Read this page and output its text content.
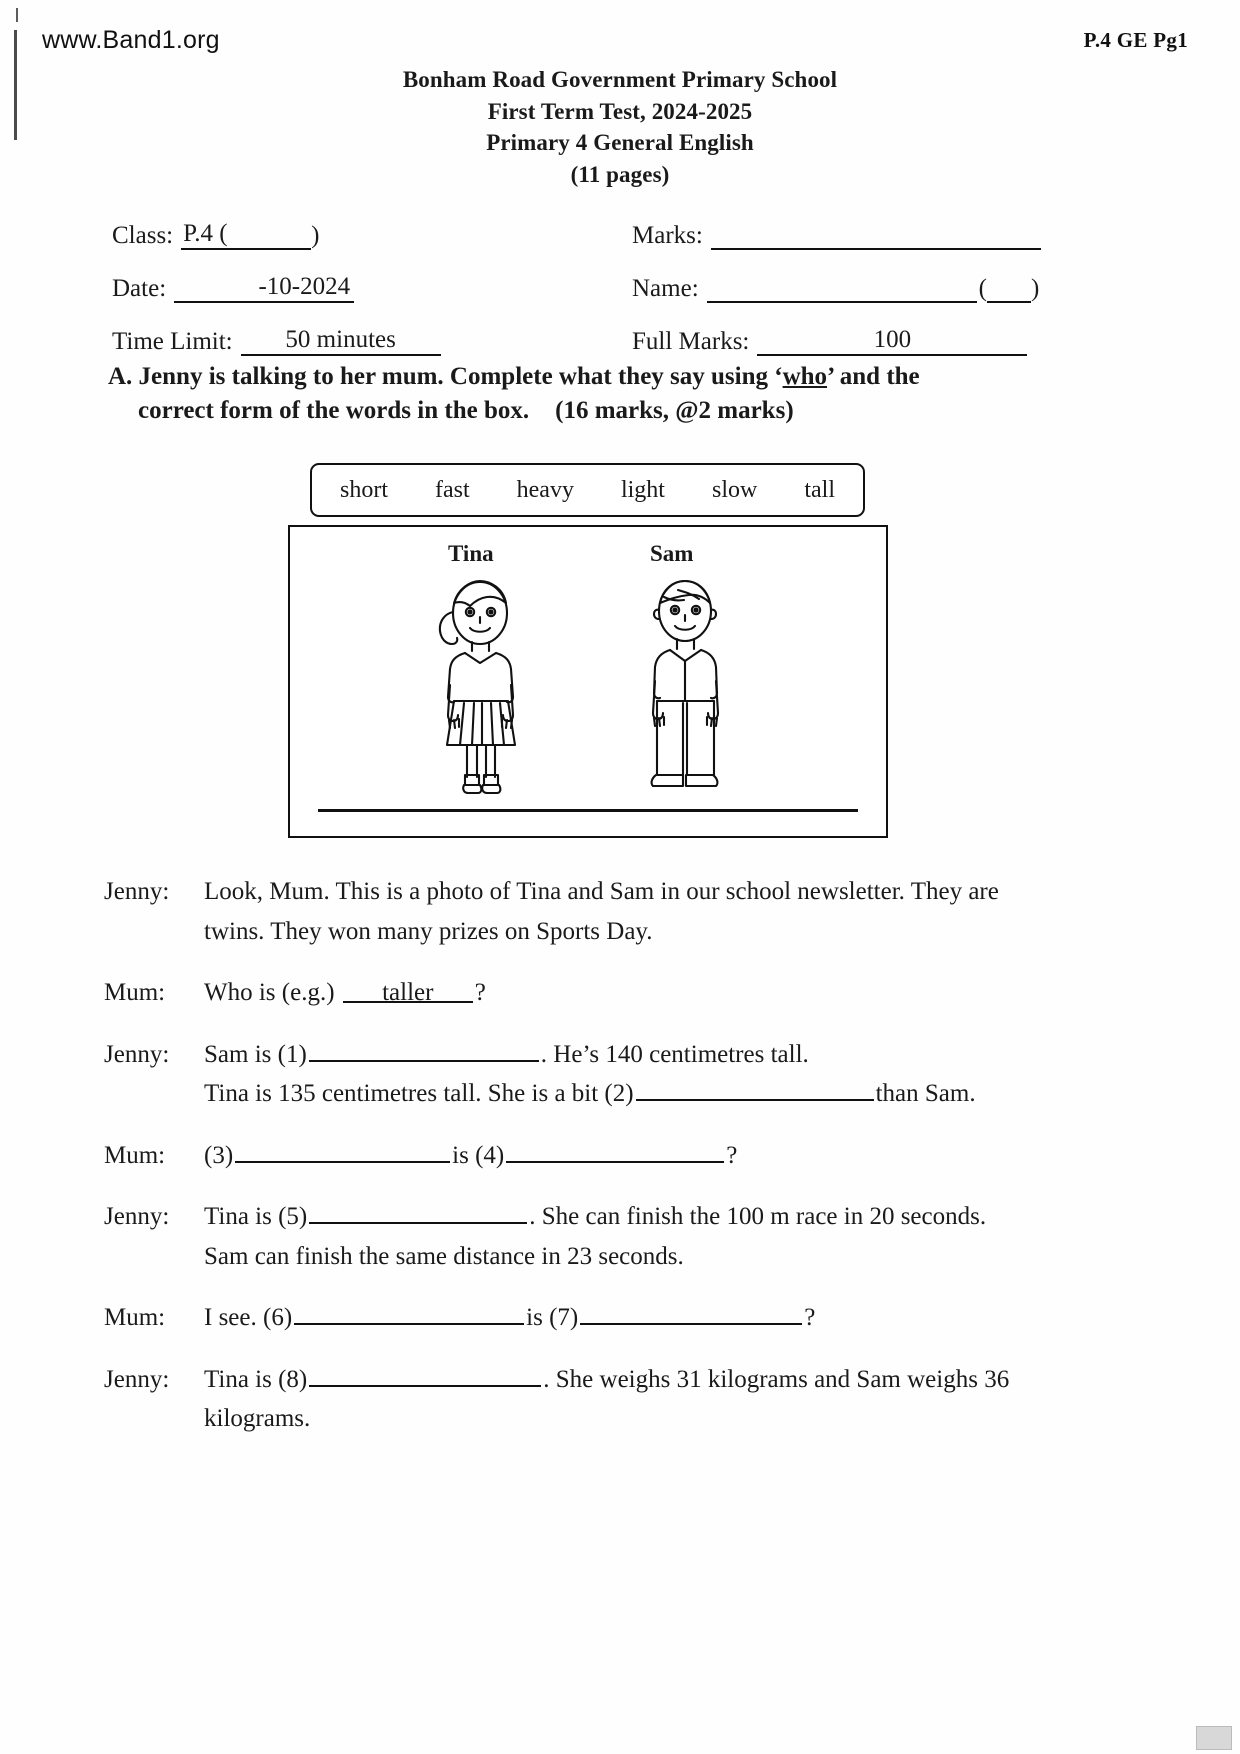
www.Band1.org	P.4 GE Pg1
Bonham Road Government Primary School
First Term Test, 2024-2025
Primary 4 General English
(11 pages)
Class: P.4 (	)	Marks:
Date:	-10-2024	Name:	( )
Time Limit:	50 minutes	Full Marks:	100
A. Jenny is talking to her mum. Complete what they say using ‘who’ and the
correct form of the words in the box. (16 marks, @2 marks)
short fast heavy light slow tall
Tina	Sam
Jenny:	Look, Mum. This is a photo of Tina and Sam in our school newsletter. They are
twins. They won many prizes on Sports Day.
Mum:	Who is (e.g.) taller ?
Jenny:	Sam is (1)	. He’s 140 centimetres tall.
Tina is 135 centimetres tall. She is a bit (2)	than Sam.
Mum:	(3)	is (4)	?
Jenny:	Tina is (5)	. She can finish the 100 m race in 20 seconds.
Sam can finish the same distance in 23 seconds.
Mum:	I see. (6)	is (7)	?
Jenny:	Tina is (8)	. She weighs 31 kilograms and Sam weighs 36
kilograms.
